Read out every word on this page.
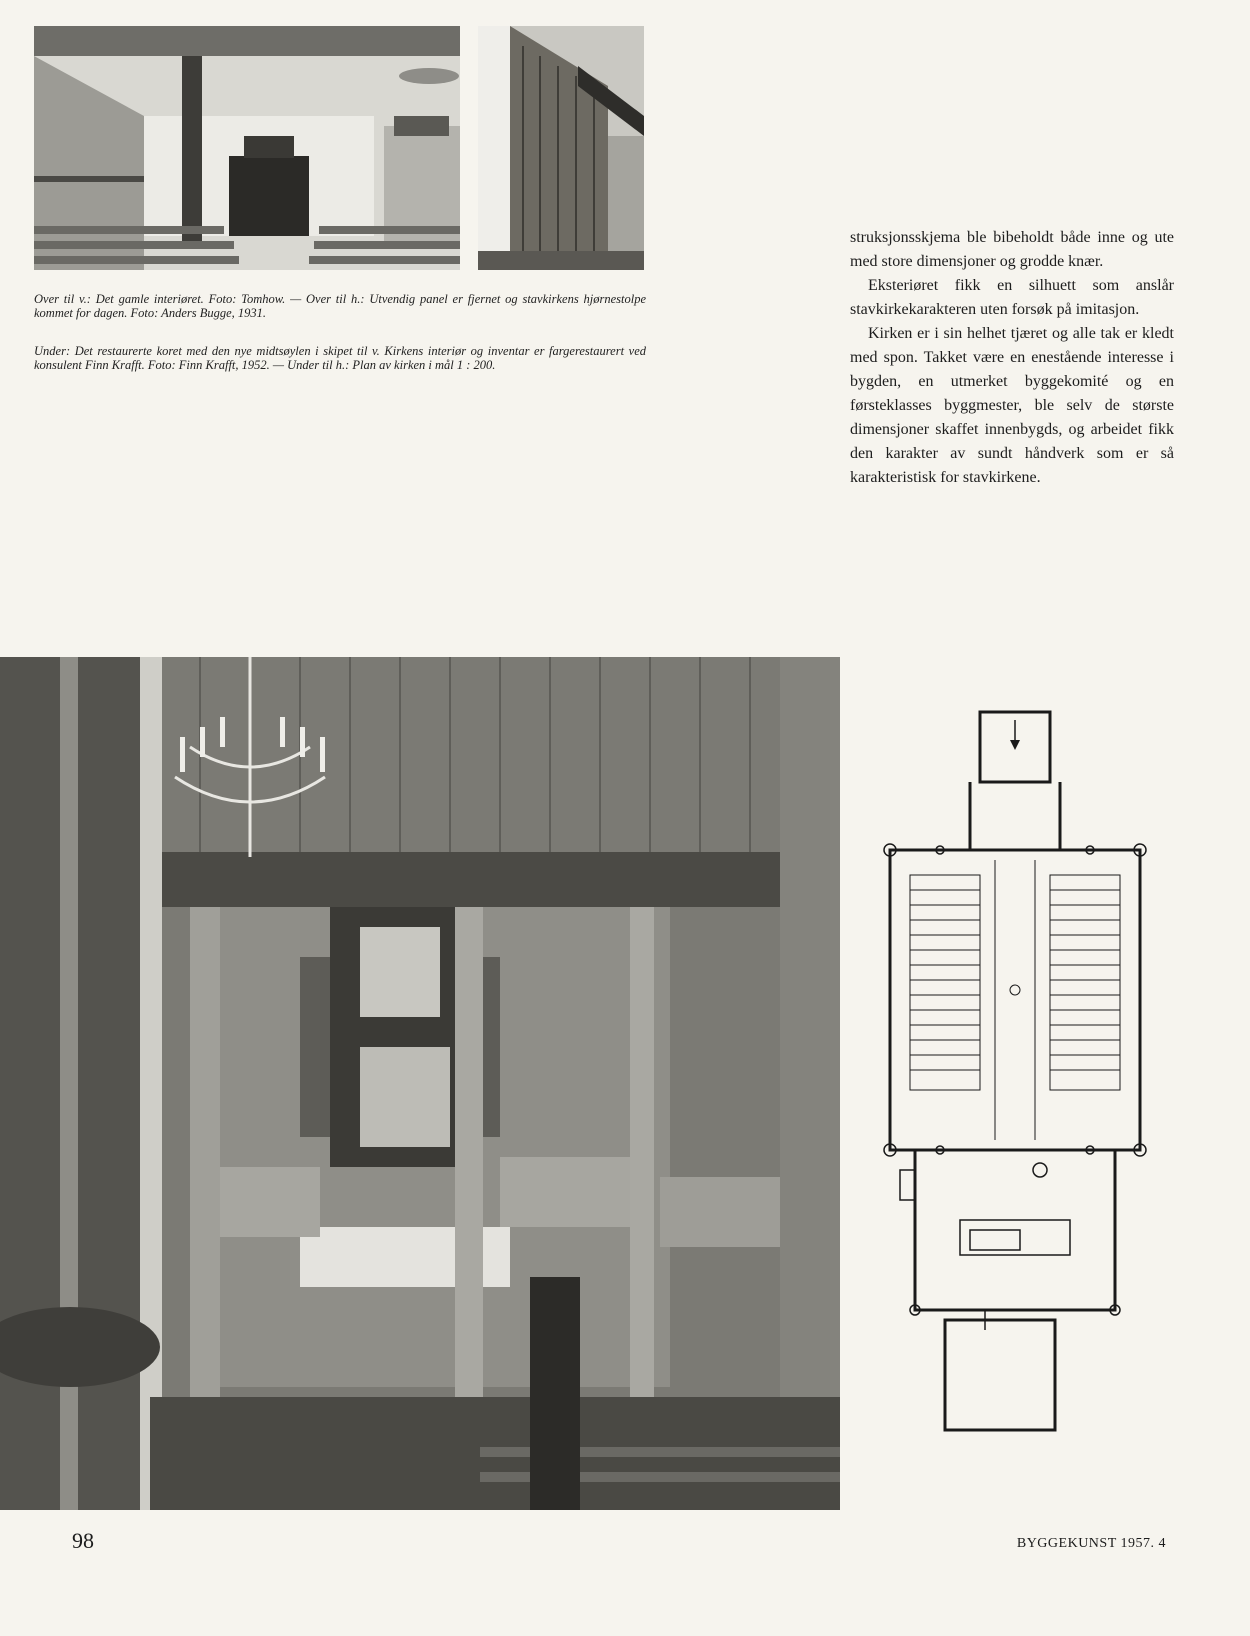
Over til v.: Det gamle interiøret. Foto: Tomhow. — Over til h.: Utvendig panel er fjernet og stavkirkens hjørnestolpe kommet for dagen. Foto: Anders Bugge, 1931.

Under: Det restaurerte koret med den nye midtsøylen i skipet til v. Kirkens interiør og inventar er fargerestaurert ved konsulent Finn Krafft. Foto: Finn Krafft, 1952. — Under til h.: Plan av kirken i mål 1 : 200.

struksjonsskjema ble bibeholdt både inne og ute med store dimensjoner og grodde knær.

Eksteriøret fikk en silhuett som anslår stavkirkekarakteren uten forsøk på imitasjon.

Kirken er i sin helhet tjæret og alle tak er kledt med spon. Takket være en enestående interesse i bygden, en utmerket byggekomité og en førsteklasses byggmester, ble selv de største dimensjoner skaffet innenbygds, og arbeidet fikk den karakter av sundt håndverk som er så karakteristisk for stavkirkene.

98	BYGGEKUNST 1957. 4
